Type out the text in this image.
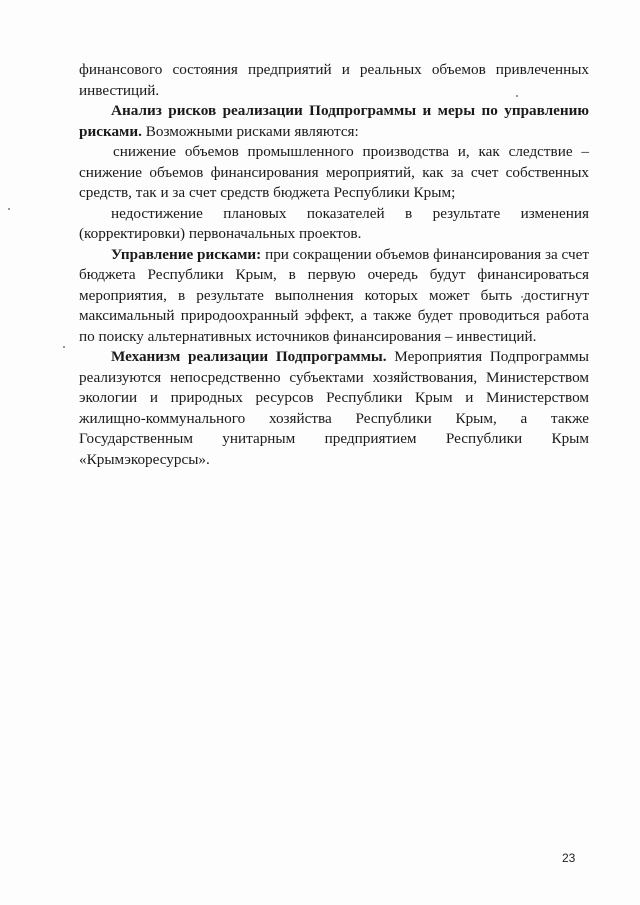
финансового состояния предприятий и реальных объемов привлеченных инвестиций.

Анализ рисков реализации Подпрограммы и меры по управлению рисками. Возможными рисками являются:

снижение объемов промышленного производства и, как следствие – снижение объемов финансирования мероприятий, как за счет собственных средств, так и за счет средств бюджета Республики Крым;

недостижение плановых показателей в результате изменения (корректировки) первоначальных проектов.

Управление рисками: при сокращении объемов финансирования за счет бюджета Республики Крым, в первую очередь будут финансироваться мероприятия, в результате выполнения которых может быть достигнут максимальный природоохранный эффект, а также будет проводиться работа по поиску альтернативных источников финансирования – инвестиций.

Механизм реализации Подпрограммы. Мероприятия Подпрограммы реализуются непосредственно субъектами хозяйствования, Министерством экологии и природных ресурсов Республики Крым и Министерством жилищно-коммунального хозяйства Республики Крым, а также Государственным унитарным предприятием Республики Крым «Крымэкоресурсы».

23
